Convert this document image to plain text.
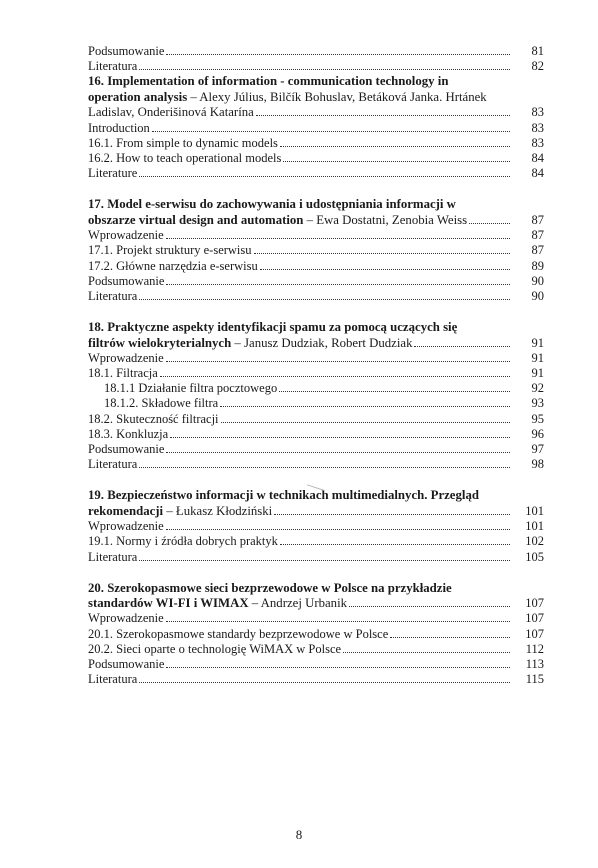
Podsumowanie	81
Literatura	82
16. Implementation of information - communication technology in
operation analysis – Alexy Július, Bilčík Bohuslav, Betáková Janka. Hrtánek
Ladislav, Onderišinová Katarína	83
Introduction	83
16.1. From simple to dynamic models	83
16.2. How to teach operational models	84
Literature	84
17. Model e-serwisu do zachowywania i udostępniania informacji w
obszarze virtual design and automation – Ewa Dostatni, Zenobia Weiss	87
Wprowadzenie	87
17.1. Projekt struktury e-serwisu	87
17.2. Główne narzędzia e-serwisu	89
Podsumowanie	90
Literatura	90
18. Praktyczne aspekty identyfikacji spamu za pomocą uczących się
filtrów wielokryterialnych – Janusz Dudziak, Robert Dudziak	91
Wprowadzenie	91
18.1. Filtracja	91
18.1.1 Działanie filtra pocztowego	92
18.1.2. Składowe filtra	93
18.2. Skuteczność filtracji	95
18.3. Konkluzja	96
Podsumowanie	97
Literatura	98
19. Bezpieczeństwo informacji w technikach multimedialnych. Przegląd
rekomendacji – Łukasz Kłodziński	101
Wprowadzenie	101
19.1. Normy i źródła dobrych praktyk	102
Literatura	105
20. Szerokopasmowe sieci bezprzewodowe w Polsce na przykładzie
standardów WI-FI i WIMAX – Andrzej Urbanik	107
Wprowadzenie	107
20.1. Szerokopasmowe standardy bezprzewodowe w Polsce	107
20.2. Sieci oparte o technologię WiMAX w Polsce	112
Podsumowanie	113
Literatura	115
8
